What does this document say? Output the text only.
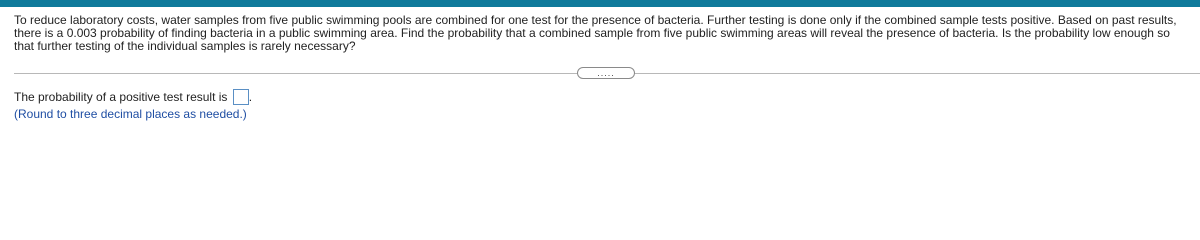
To reduce laboratory costs, water samples from five public swimming pools are combined for one test for the presence of bacteria. Further testing is done only if the combined sample tests positive. Based on past results, there is a 0.003 probability of finding bacteria in a public swimming area. Find the probability that a combined sample from five public swimming areas will reveal the presence of bacteria. Is the probability low enough so that further testing of the individual samples is rarely necessary?

.....
The probability of a positive test result is .
(Round to three decimal places as needed.)
